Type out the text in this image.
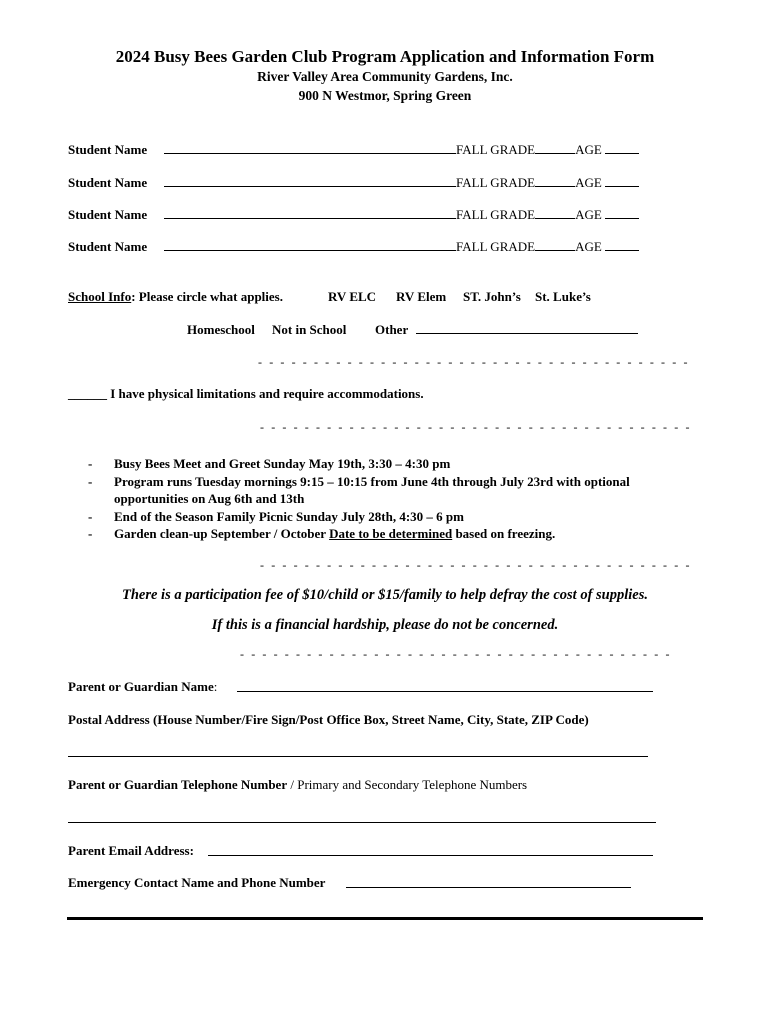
2024 Busy Bees Garden Club Program Application and Information Form
River Valley Area Community Gardens, Inc.
900 N Westmor, Spring Green
Student Name	FALL GRADE	AGE
Student Name	FALL GRADE	AGE
Student Name	FALL GRADE	AGE
Student Name	FALL GRADE	AGE
School Info: Please circle what applies.	RV ELC RV Elem ST. John’s St. Luke’s
Homeschool Not in School Other
- - - - - - - - - - - - - - - - - - - - - - - - - - - - - - - - - - - - - - -
______ I have physical limitations and require accommodations.
- - - - - - - - - - - - - - - - - - - - - - - - - - - - - - - - - - - - - - -
- Busy Bees Meet and Greet Sunday May 19th, 3:30 – 4:30 pm
- Program runs Tuesday mornings 9:15 – 10:15 from June 4th through July 23rd with optional opportunities on Aug 6th and 13th
- End of the Season Family Picnic Sunday July 28th, 4:30 – 6 pm
- Garden clean-up September / October Date to be determined based on freezing.
- - - - - - - - - - - - - - - - - - - - - - - - - - - - - - - - - - - - - - -
There is a participation fee of $10/child or $15/family to help defray the cost of supplies.
If this is a financial hardship, please do not be concerned.
- - - - - - - - - - - - - - - - - - - - - - - - - - - - - - - - - - - - - - -
Parent or Guardian Name:
Postal Address (House Number/Fire Sign/Post Office Box, Street Name, City, State, ZIP Code)
Parent or Guardian Telephone Number / Primary and Secondary Telephone Numbers
Parent Email Address:
Emergency Contact Name and Phone Number
